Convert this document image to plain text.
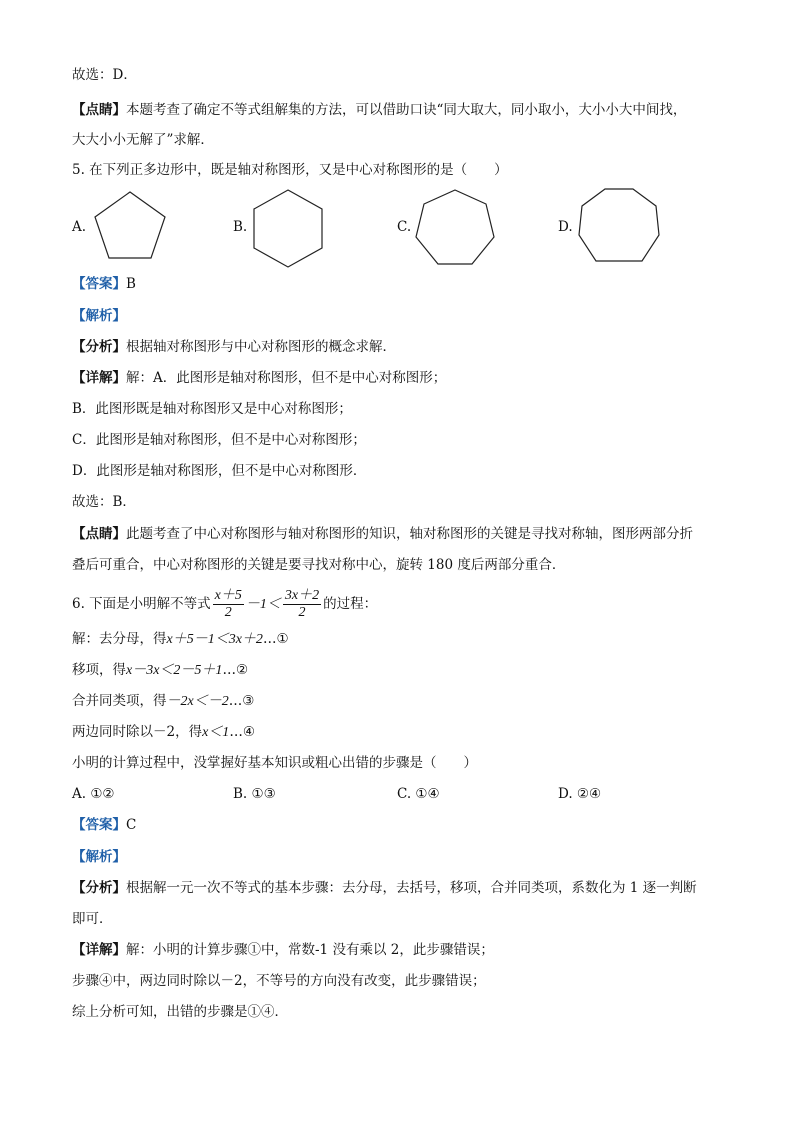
故选：D．
【点睛】本题考查了确定不等式组解集的方法，可以借助口诀“同大取大，同小取小，大小小大中间找，
大大小小无解了”求解．
5. 在下列正多边形中，既是轴对称图形，又是中心对称图形的是（　　）
A.	B.	C.	D.
【答案】B
【解析】
【分析】根据轴对称图形与中心对称图形的概念求解．
【详解】解：A．此图形是轴对称图形，但不是中心对称图形；
B．此图形既是轴对称图形又是中心对称图形；
C．此图形是轴对称图形，但不是中心对称图形；
D．此图形是轴对称图形，但不是中心对称图形．
故选：B．
【点睛】此题考查了中心对称图形与轴对称图形的知识，轴对称图形的关键是寻找对称轴，图形两部分折
叠后可重合，中心对称图形的关键是要寻找对称中心，旋转 180 度后两部分重合．
6. 下面是小明解不等式 $\frac{x+5}{2} -1< \frac{3x+2}{2}$ 的过程：
解：去分母，得x＋5－1＜3x＋2…①
移项，得x－3x＜2－5＋1…②
合并同类项，得－2x＜－2…③
两边同时除以－2，得x＜1…④
小明的计算过程中，没掌握好基本知识或粗心出错的步骤是（　　）
A. ①②	B. ①③	C. ①④	D. ②④
【答案】C
【解析】
【分析】根据解一元一次不等式的基本步骤：去分母，去括号，移项，合并同类项，系数化为 1 逐一判断
即可．
【详解】解：小明的计算步骤①中，常数-1 没有乘以 2，此步骤错误；
步骤④中，两边同时除以－2，不等号的方向没有改变，此步骤错误；
综上分析可知，出错的步骤是①④．
